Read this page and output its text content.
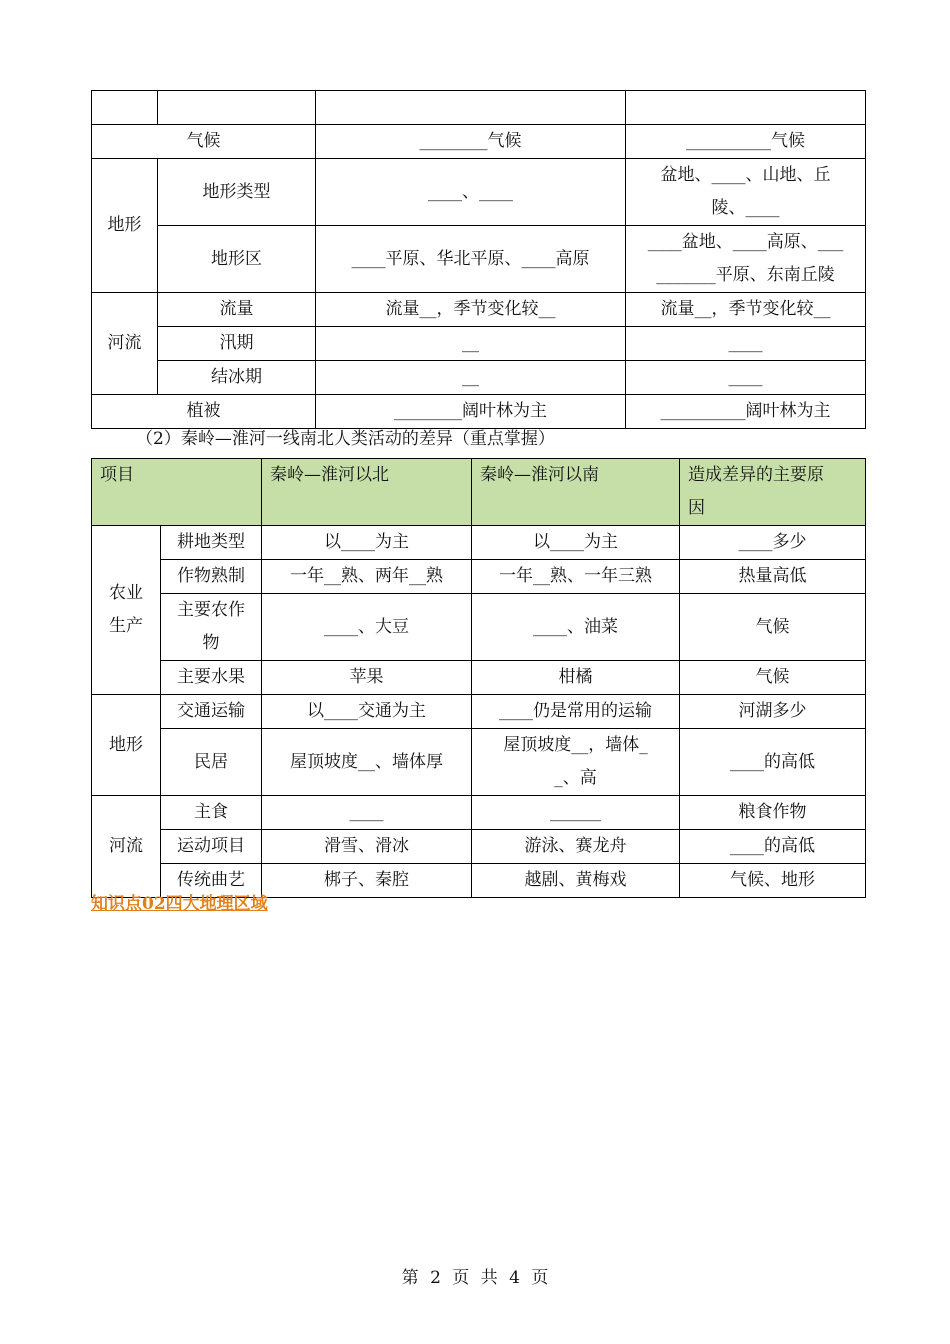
气候		________气候	__________气候
地形	地形类型	____、____	盆地、____、山地、丘
陵、____
	地形区	____平原、华北平原、____高原	____盆地、____高原、___
_______平原、东南丘陵
河流	流量	流量__，季节变化较__	流量__，季节变化较__
	汛期	__	____
	结冰期	__	____
植被		________阔叶林为主	__________阔叶林为主
（2）秦岭—淮河一线南北人类活动的差异（重点掌握）
项目		秦岭—淮河以北	秦岭—淮河以南	造成差异的主要原
因
农业
生产	耕地类型	以____为主	以____为主	____多少
	作物熟制	一年__熟、两年__熟	一年__熟、一年三熟	热量高低
	主要农作
物	____、大豆	____、油菜	气候
	主要水果	苹果	柑橘	气候
地形	交通运输	以____交通为主	____仍是常用的运输	河湖多少
	民居	屋顶坡度__、墙体厚	屋顶坡度__，墙体_
_、高	____的高低
河流	主食	____	______	粮食作物
	运动项目	滑雪、滑冰	游泳、赛龙舟	____的高低
	传统曲艺	梆子、秦腔	越剧、黄梅戏	气候、地形
知识点02四大地理区域
第 2 页 共 4 页
